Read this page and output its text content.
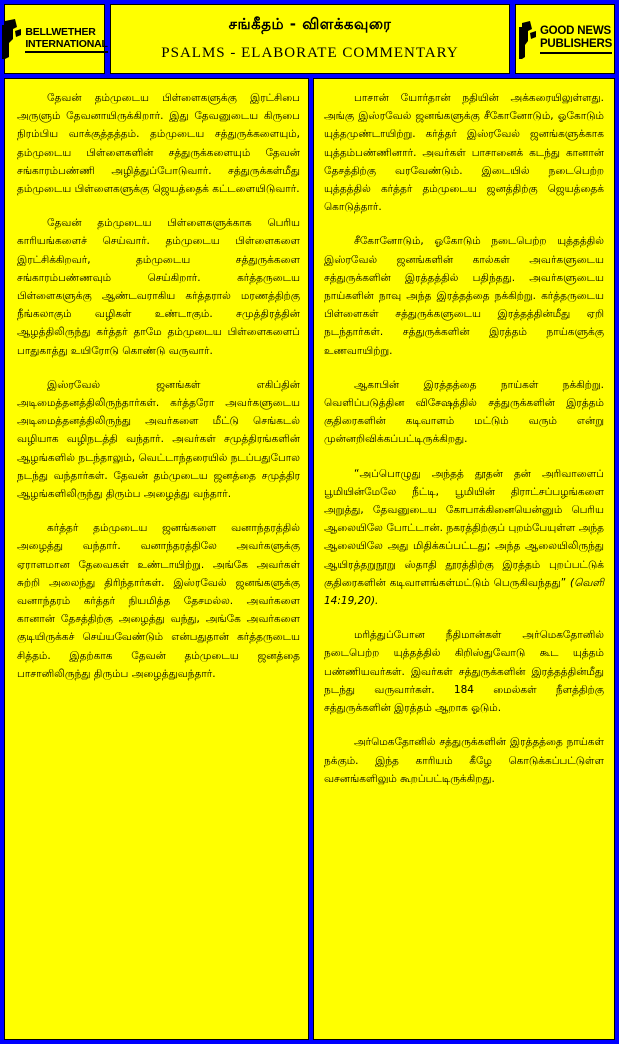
BELLWETHER
INTERNATIONAL
சங்கீதம் - விளக்கவுரை
PSALMS - ELABORATE COMMENTARY
GOOD NEWS
PUBLISHERS

தேவன் தம்முடைய பிள்ளைகளுக்கு இரட்சிபை அருளும் தேவனாயிருக்கிறார். இது தேவனுடைய கிருபை நிரம்பிய வாக்குத்தத்தம். தம்முடைய சத்துருக்களையும், தம்முடைய பிள்ளைகளின் சத்துருக்களையும் தேவன் சங்காரம்பண்ணி அழித்துப்போடுவார். சத்துருக்கள்மீது தம்முடைய பிள்ளைகளுக்கு ஜெயத்தைக் கட்டளையிடுவார்.

தேவன் தம்முடைய பிள்ளைகளுக்காக பெரிய காரியங்களைச் செய்வார். தம்முடைய பிள்ளைகளை இரட்சிக்கிறவர், தம்முடைய சத்துருக்களை சங்காரம்பண்ணவும் செய்கிறார். கர்த்தருடைய பிள்ளைகளுக்கு ஆண்டவராகிய கர்த்தரால் மரணத்திற்கு நீங்கலாகும் வழிகள் உண்டாகும். சமுத்திரத்தின் ஆழத்திலிருந்து கர்த்தர் தாமே தம்முடைய பிள்ளைகளைப் பாதுகாத்து உயிரோடு கொண்டு வருவார்.

இஸ்ரவேல் ஜனங்கள் எகிப்தின் அடிமைத்தனத்திலிருந்தார்கள். கர்த்தரோ அவர்களுடைய அடிமைத்தனத்திலிருந்து அவர்களை மீட்டு செங்கடல் வழியாக வழிநடத்தி வந்தார். அவர்கள் சமுத்திரங்களின் ஆழங்களில் நடந்தாலும், வெட்டாந்தரையில் நடப்பதுபோல நடந்து வந்தார்கள். தேவன் தம்முடைய ஜனத்தை சமுத்திர ஆழங்களிலிருந்து திரும்ப அழைத்து வந்தார்.

கர்த்தர் தம்முடைய ஜனங்களை வனாந்தரத்தில் அழைத்து வந்தார். வனாந்தரத்திலே அவர்களுக்கு ஏராளமான தேவைகள் உண்டாயிற்று. அங்கே அவர்கள் சுற்றி அலைந்து திரிந்தார்கள். இஸ்ரவேல் ஜனங்களுக்கு வனாந்தரம் கர்த்தர் நியமித்த தேசமல்ல. அவர்களை கானான் தேசத்திற்கு அழைத்து வந்து, அங்கே அவர்களை குடியிருக்கச் செய்யவேண்டும் என்பதுதான் கர்த்தருடைய சித்தம். இதற்காக தேவன் தம்முடைய ஜனத்தை பாசானிலிருந்து திரும்ப அழைத்துவந்தார்.

பாசான் யோர்தான் நதியின் அக்கரையிலுள்ளது. அங்கு இஸ்ரவேல் ஜனங்களுக்கு சீகோனோடும், ஓகோடும் யுத்தமுண்டாயிற்று. கர்த்தர் இஸ்ரவேல் ஜனங்களுக்காக யுத்தம்பண்ணினார். அவர்கள் பாசானைக் கடந்து கானான் தேசத்திற்கு வரவேண்டும். இடையில் நடைபெற்ற யுத்தத்தில் கர்த்தர் தம்முடைய ஜனத்திற்கு ஜெயத்தைக் கொடுத்தார்.

சீகோனோடும், ஓகோடும் நடைபெற்ற யுத்தத்தில் இஸ்ரவேல் ஜனங்களின் கால்கள் அவர்களுடைய சத்துருக்களின் இரத்தத்தில் பதிந்தது. அவர்களுடைய நாய்களின் நாவு அந்த இரத்தத்தை நக்கிற்று. கர்த்தருடைய பிள்ளைகள் சத்துருக்களுடைய இரத்தத்தின்மீது ஏறி நடந்தார்கள். சத்துருக்களின் இரத்தம் நாய்களுக்கு உணவாயிற்று.

ஆகாபின் இரத்தத்தை நாய்கள் நக்கிற்று. வெளிப்படுத்தின விசேஷத்தில் சத்துருக்களின் இரத்தம் குதிரைகளின் கடிவாளம் மட்டும் வரும் என்று முன்னறிவிக்கப்பட்டிருக்கிறது.

“அப்பொழுது அந்தத் தூதன் தன் அரிவாளைப் பூமியின்மேலே நீட்டி, பூமியின் திராட்சப்பழங்களை அறுத்து, தேவனுடைய கோபாக்கினையென்னும் பெரிய ஆலையிலே போட்டான். நகரத்திற்குப் புறம்பேயுள்ள அந்த ஆலையிலே அது மிதிக்கப்பட்டது; அந்த ஆலையிலிருந்து ஆயிரத்தறுநூறு ஸ்தாதி தூரத்திற்கு இரத்தம் புறப்பட்டுக் குதிரைகளின் கடிவாளங்கள்மட்டும் பெருகிவந்தது” (வெளி 14:19,20).

மரித்துப்போன நீதிமான்கள் அர்மெகதோனில் நடைபெற்ற யுத்தத்தில் கிறிஸ்துவோடு கூட யுத்தம் பண்ணியவர்கள். இவர்கள் சத்துருக்களின் இரத்தத்தின்மீது நடந்து வருவார்கள். 184 மைல்கள் நீளத்திற்கு சத்துருக்களின் இரத்தம் ஆறாக ஓடும்.

அர்மெகதோனில் சத்துருக்களின் இரத்தத்தை நாய்கள் நக்கும். இந்த காரியம் கீழே கொடுக்கப்பட்டுள்ள வசனங்களிலும் கூறப்பட்டிருக்கிறது.
